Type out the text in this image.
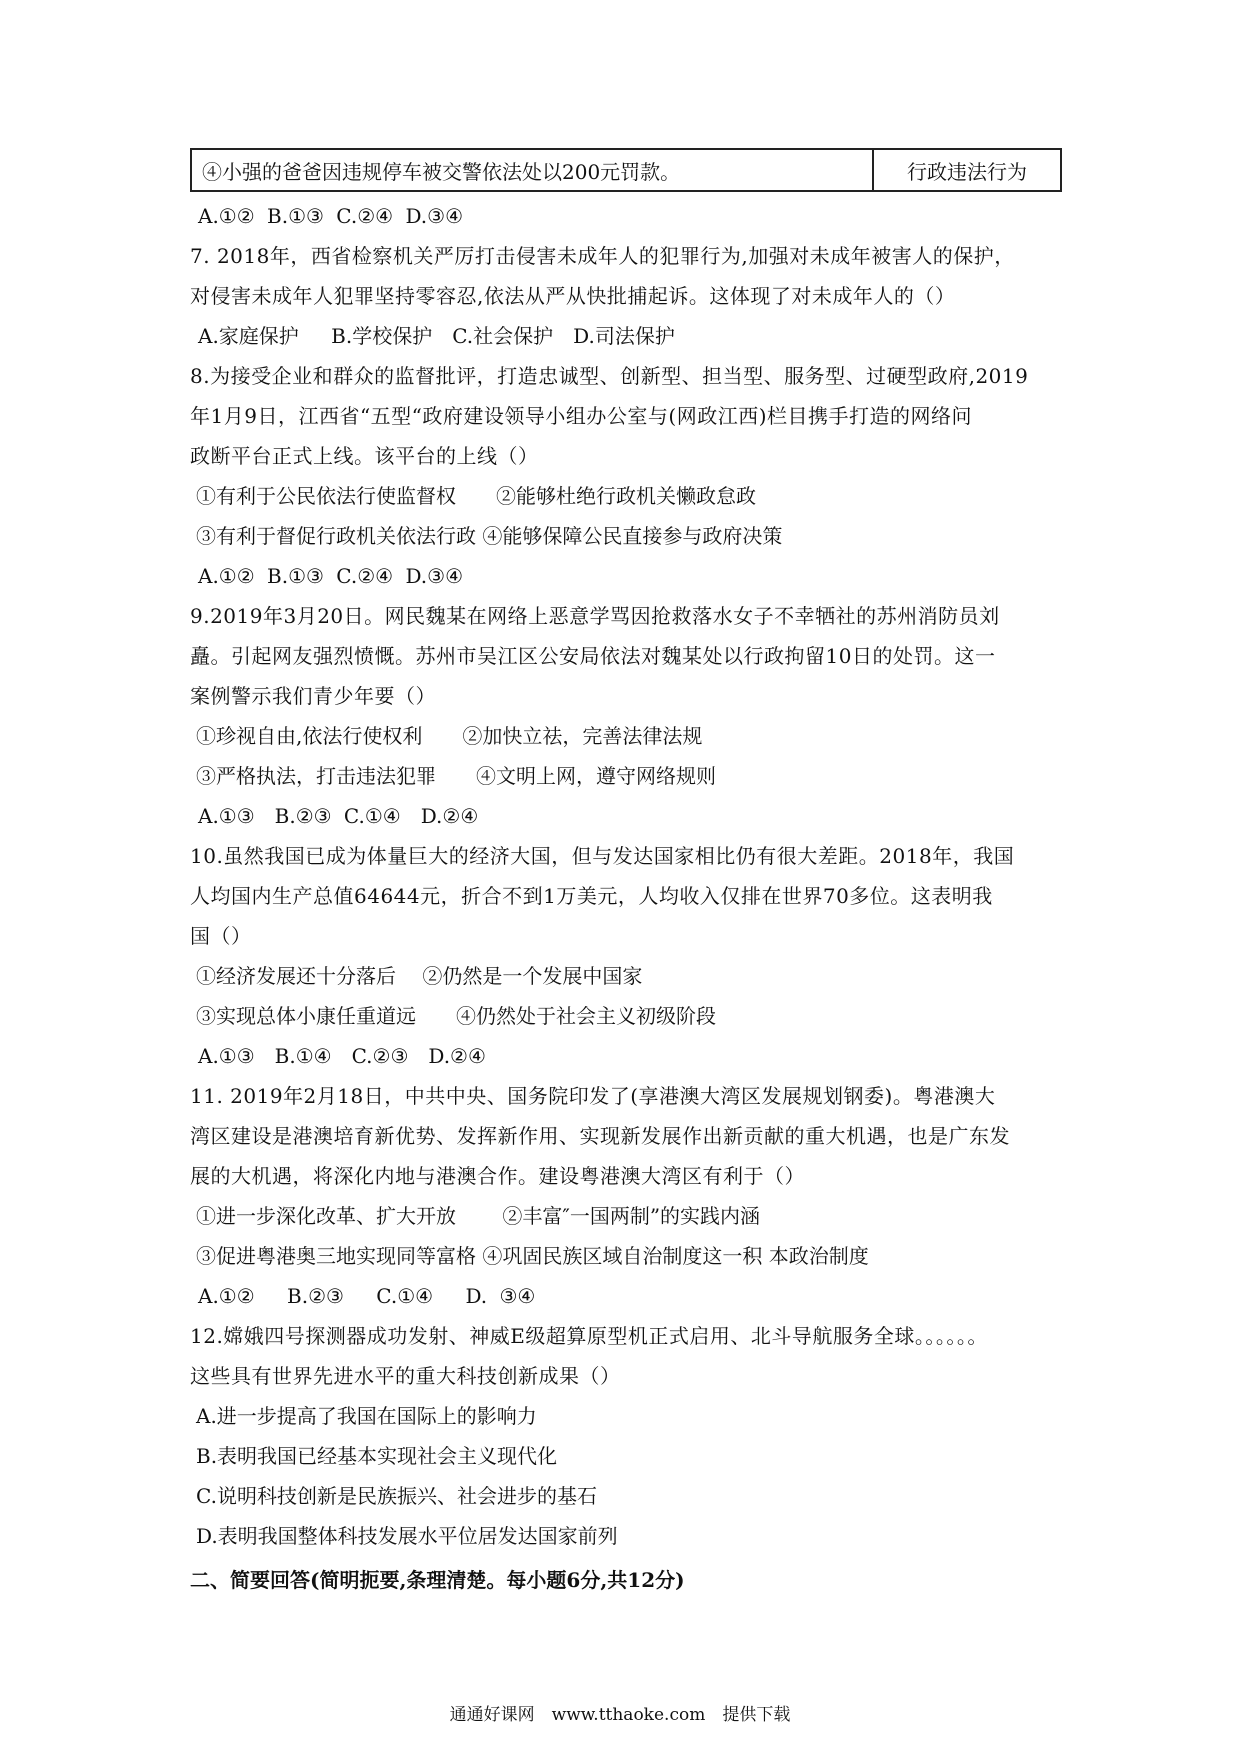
④小强的爸爸因违规停车被交警依法处以200元罚款。	行政违法行为
A.①② B.①③ C.②④ D.③④
7. 2018年，西省检察机关严厉打击侵害未成年人的犯罪行为,加强对未成年被害人的保护，
对侵害未成年人犯罪坚持零容忍,依法从严从快批捕起诉。这体现了对未成年人的（）
A.家庭保护　 B.学校保护　C.社会保护　D.司法保护
8.为接受企业和群众的监督批评，打造忠诚型、创新型、担当型、服务型、过硬型政府,2019
年1月9日，江西省“五型“政府建设领导小组办公室与(网政江西)栏目携手打造的网络问
政断平台正式上线。该平台的上线（）
①有利于公民依法行使监督权　　②能够杜绝行政机关懒政怠政
③有利于督促行政机关依法行政 ④能够保障公民直接参与政府决策
A.①② B.①③ C.②④ D.③④
9.2019年3月20日。网民魏某在网络上恶意学骂因抢救落水女子不幸牺社的苏州消防员刘
矗。引起网友强烈愤慨。苏州市吴江区公安局依法对魏某处以行政拘留10日的处罚。这一
案例警示我们青少年要（）
①珍视自由,依法行使权利　　②加快立祛，完善法律法规
③严格执法，打击违法犯罪　　④文明上网，遵守网络规则
A.①③　B.②③ C.①④　D.②④
10.虽然我国已成为体量巨大的经济大国，但与发达国家相比仍有很大差距。2018年，我国
人均国内生产总值64644元，折合不到1万美元，人均收入仅排在世界70多位。这表明我
国（）
①经济发展还十分落后　 ②仍然是一个发展中国家
③实现总体小康任重道远　　④仍然处于社会主义初级阶段
A.①③　B.①④　C.②③　D.②④
11. 2019年2月18日，中共中央、国务院印发了(享港澳大湾区发展规划钢委)。粤港澳大
湾区建设是港澳培育新优势、发挥新作用、实现新发展作出新贡献的重大机遇，也是广东发
展的大机遇，将深化内地与港澳合作。建设粤港澳大湾区有利于（）
①进一步深化改革、扩大开放　　 ②丰富″一国两制”的实践内涵
③促进粤港奥三地实现同等富格 ④巩固民族区域自治制度这一积 本政治制度
A.①②　 B.②③　 C.①④　 D. ③④
12.嫦娥四号探测器成功发射、神威E级超算原型机正式启用、北斗导航服务全球。。。。。。
这些具有世界先进水平的重大科技创新成果（）
A.进一步提高了我国在国际上的影响力
B.表明我国已经基本实现社会主义现代化
C.说明科技创新是民族振兴、社会进步的基石
D.表明我国整体科技发展水平位居发达国家前列
二、简要回答(简明扼要,条理清楚。每小题6分,共12分)
通通好课网　www.tthaoke.com　提供下载
